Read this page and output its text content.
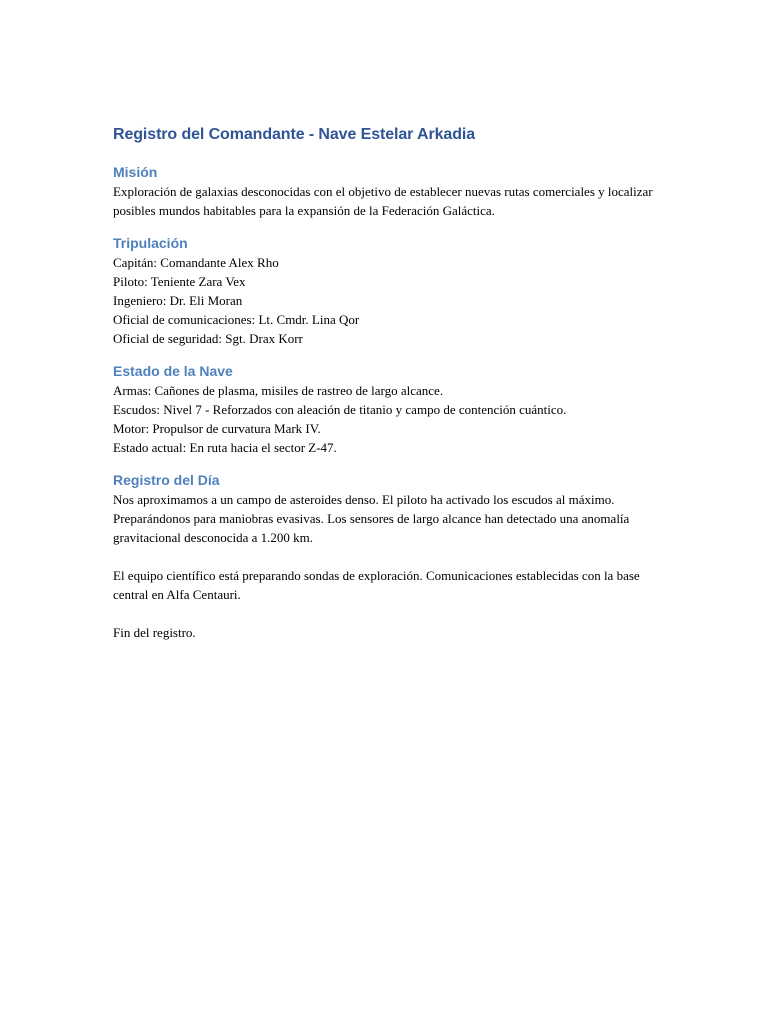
Registro del Comandante - Nave Estelar Arkadia
Misión

Exploración de galaxias desconocidas con el objetivo de establecer nuevas rutas comerciales y localizar posibles mundos habitables para la expansión de la Federación Galáctica.

Tripulación

Capitán: Comandante Alex Rho
Piloto: Teniente Zara Vex
Ingeniero: Dr. Eli Moran
Oficial de comunicaciones: Lt. Cmdr. Lina Qor
Oficial de seguridad: Sgt. Drax Korr

Estado de la Nave

Armas: Cañones de plasma, misiles de rastreo de largo alcance.
Escudos: Nivel 7 - Reforzados con aleación de titanio y campo de contención cuántico.
Motor: Propulsor de curvatura Mark IV.
Estado actual: En ruta hacia el sector Z-47.

Registro del Día

Nos aproximamos a un campo de asteroides denso. El piloto ha activado los escudos al máximo. Preparándonos para maniobras evasivas. Los sensores de largo alcance han detectado una anomalía gravitacional desconocida a 1.200 km.

El equipo científico está preparando sondas de exploración. Comunicaciones establecidas con la base central en Alfa Centauri.

Fin del registro.
